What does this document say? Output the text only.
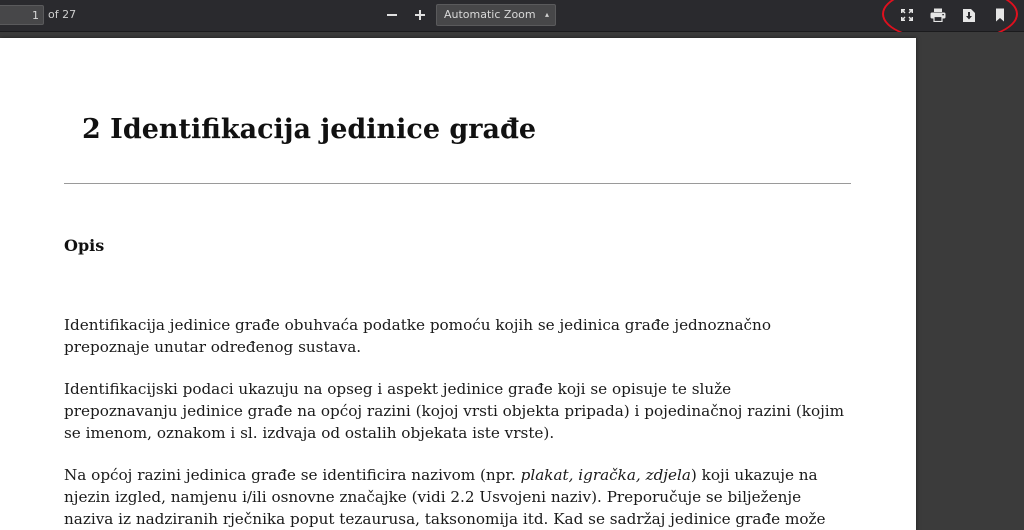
1
of 27	Automatic Zoom ▴

2 Identifikacija jedinice građe
Opis

Identifikacija jedinice građe obuhvaća podatke pomoću kojih se jedinica građe jednoznačno
prepoznaje unutar određenog sustava.

Identifikacijski podaci ukazuju na opseg i aspekt jedinice građe koji se opisuje te služe
prepoznavanju jedinice građe na općoj razini (kojoj vrsti objekta pripada) i pojedinačnoj razini (kojim
se imenom, oznakom i sl. izdvaja od ostalih objekata iste vrste).

Na općoj razini jedinica građe se identificira nazivom (npr. plakat, igračka, zdjela) koji ukazuje na
njezin izgled, namjenu i/ili osnovne značajke (vidi 2.2 Usvojeni naziv). Preporučuje se bilježenje
naziva iz nadziranih rječnika poput tezaurusa, taksonomija itd. Kad se sadržaj jedinice građe može
